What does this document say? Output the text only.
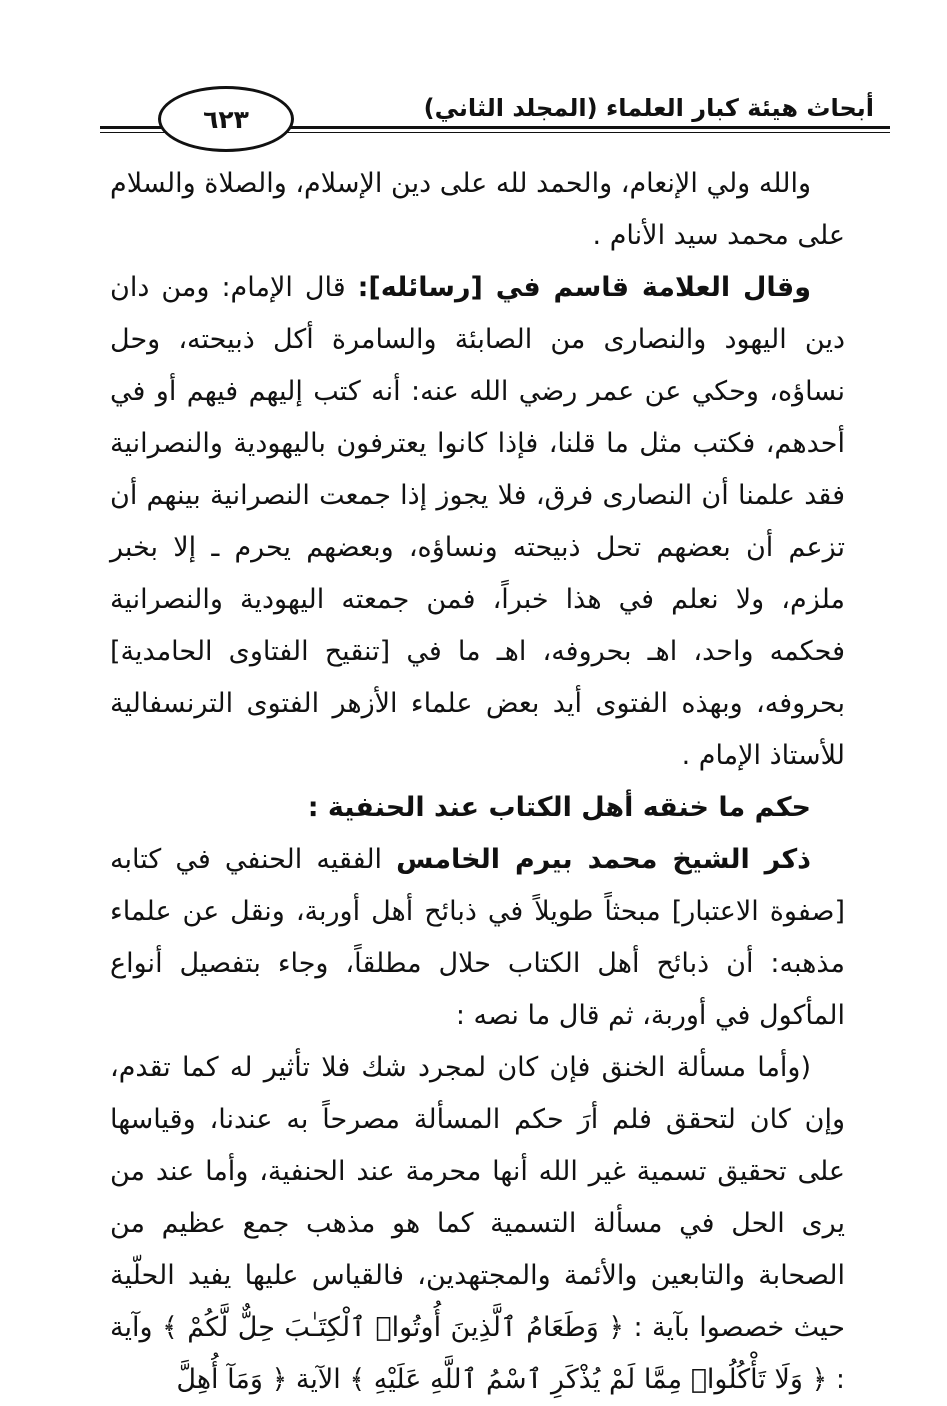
أبحاث هيئة كبار العلماء (المجلد الثاني)
٦٢٣

والله ولي الإنعام، والحمد لله على دين الإسلام، والصلاة والسلام على محمد سيد الأنام .

وقال العلامة قاسم في [رسائله]: قال الإمام: ومن دان دين اليهود والنصارى من الصابئة والسامرة أكل ذبيحته، وحل نساؤه، وحكي عن عمر رضي الله عنه: أنه كتب إليهم فيهم أو في أحدهم، فكتب مثل ما قلنا، فإذا كانوا يعترفون باليهودية والنصرانية فقد علمنا أن النصارى فرق، فلا يجوز إذا جمعت النصرانية بينهم أن تزعم أن بعضهم تحل ذبيحته ونساؤه، وبعضهم يحرم ـ إلا بخبر ملزم، ولا نعلم في هذا خبراً، فمن جمعته اليهودية والنصرانية فحكمه واحد، اهـ بحروفه، اهـ ما في [تنقيح الفتاوى الحامدية] بحروفه، وبهذه الفتوى أيد بعض علماء الأزهر الفتوى الترنسفالية للأستاذ الإمام .

حكم ما خنقه أهل الكتاب عند الحنفية :

ذكر الشيخ محمد بيرم الخامس الفقيه الحنفي في كتابه [صفوة الاعتبار] مبحثاً طويلاً في ذبائح أهل أوربة، ونقل عن علماء مذهبه: أن ذبائح أهل الكتاب حلال مطلقاً، وجاء بتفصيل أنواع المأكول في أوربة، ثم قال ما نصه :

(وأما مسألة الخنق فإن كان لمجرد شك فلا تأثير له كما تقدم، وإن كان لتحقق فلم أرَ حكم المسألة مصرحاً به عندنا، وقياسها على تحقيق تسمية غير الله أنها محرمة عند الحنفية، وأما عند من يرى الحل في مسألة التسمية كما هو مذهب جمع عظيم من الصحابة والتابعين والأئمة والمجتهدين، فالقياس عليها يفيد الحلّية حيث خصصوا بآية : ﴿ وَطَعَامُ ٱلَّذِينَ أُوتُوا۟ ٱلْكِتَـٰبَ حِلٌّ لَّكُمْ ﴾ وآية : ﴿ وَلَا تَأْكُلُوا۟ مِمَّا لَمْ يُذْكَرِ ٱسْمُ ٱللَّهِ عَلَيْهِ ﴾ الآية ﴿ وَمَآ أُهِلَّ
